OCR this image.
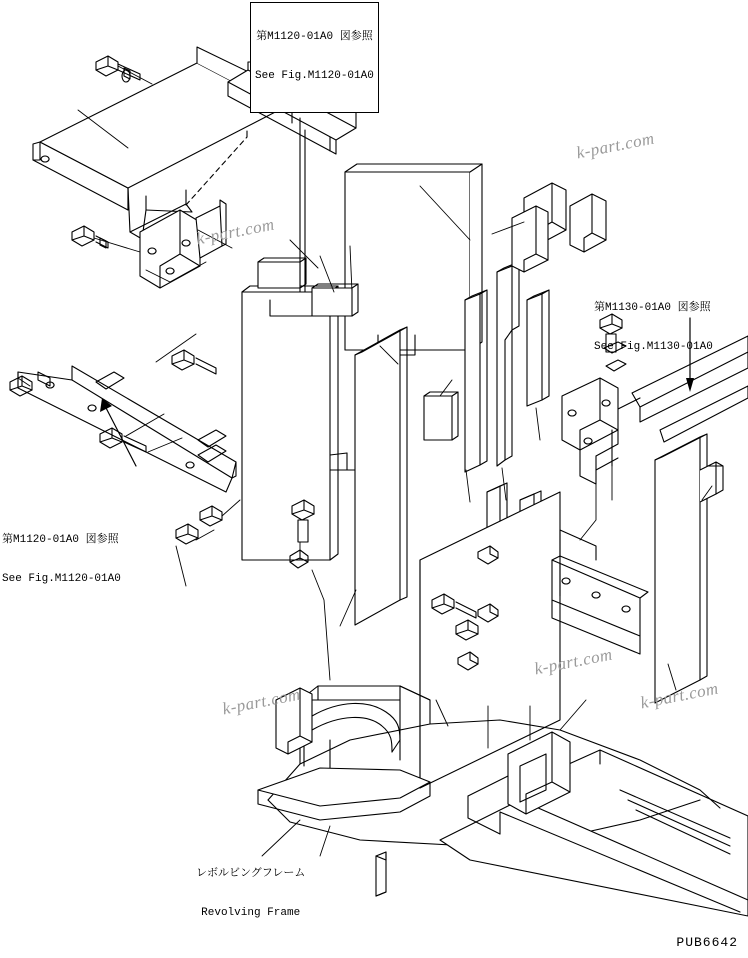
第M1120-01A0 図参照

See Fig.M1120-01A0

第M1130-01A0 図参照

See Fig.M1130-01A0

第M1120-01A0 図参照

See Fig.M1120-01A0

レボルビングフレーム

Revolving Frame

k-part.com
k-part.com
k-part.com
k-part.com	k-part.com
PUB6642
